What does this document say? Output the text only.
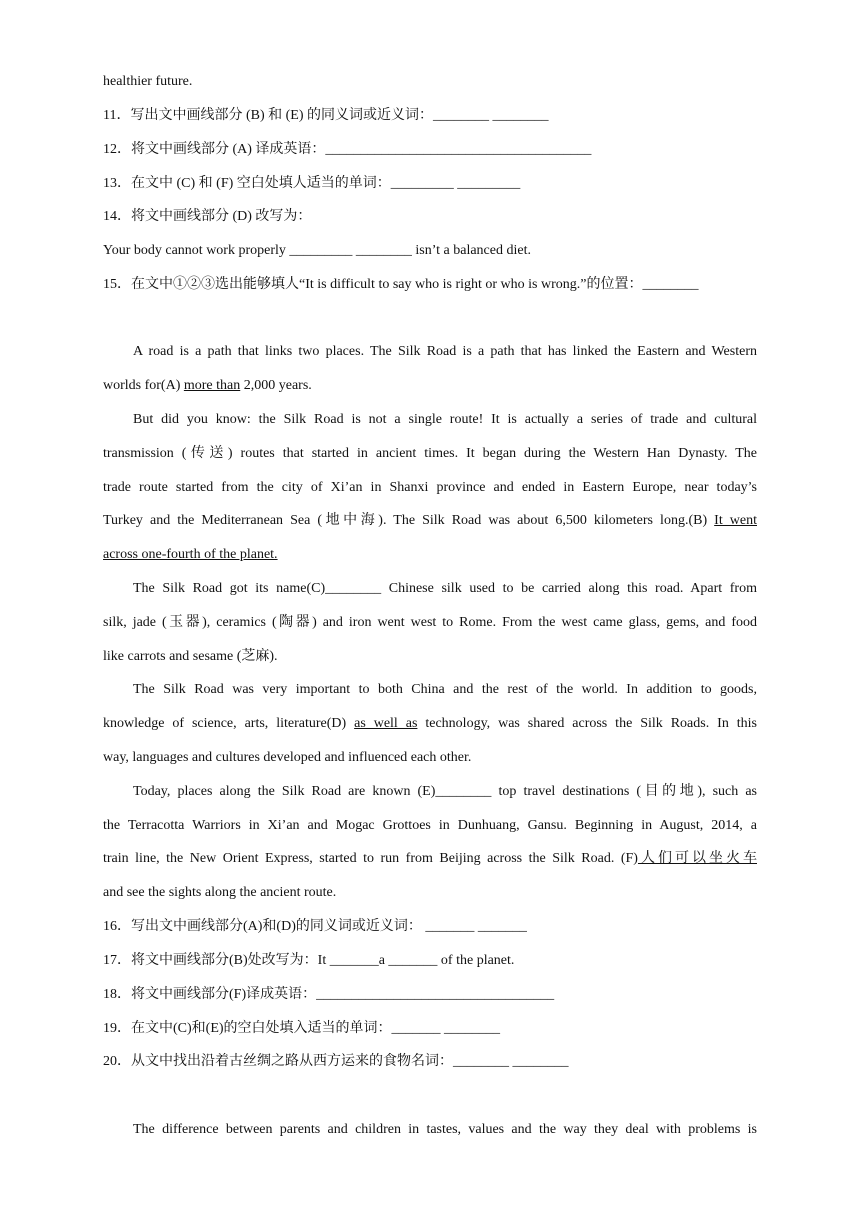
healthier future.
11．写出文中画线部分 (B) 和 (E) 的同义词或近义词：________ ________
12．将文中画线部分 (A) 译成英语：______________________________________
13．在文中 (C) 和 (F) 空白处填人适当的单词：_________ _________
14．将文中画线部分 (D) 改写为：
Your body cannot work properly _________ ________ isn’t a balanced diet.
15．在文中①②③选出能够填人“It is difficult to say who is right or who is wrong.”的位置：________
A road is a path that links two places. The Silk Road is a path that has linked the Eastern and Western
worlds for(A) more than 2,000 years.
But did you know: the Silk Road is not a single route! It is actually a series of trade and cultural
transmission (传送) routes that started in ancient times. It began during the Western Han Dynasty. The
trade route started from the city of Xi’an in Shanxi province and ended in Eastern Europe, near today’s
Turkey and the Mediterranean Sea (地中海). The Silk Road was about 6,500 kilometers long.(B) It went
across one-fourth of the planet.
The Silk Road got its name(C)________ Chinese silk used to be carried along this road. Apart from
silk, jade (玉器), ceramics (陶器) and iron went west to Rome. From the west came glass, gems, and food
like carrots and sesame (芝麻).
The Silk Road was very important to both China and the rest of the world. In addition to goods,
knowledge of science, arts, literature(D) as well as technology, was shared across the Silk Roads. In this
way, languages and cultures developed and influenced each other.
Today, places along the Silk Road are known (E)________ top travel destinations (目的地), such as
the Terracotta Warriors in Xi’an and Mogac Grottoes in Dunhuang, Gansu. Beginning in August, 2014, a
train line, the New Orient Express, started to run from Beijing across the Silk Road. (F)人们可以坐火车
and see the sights along the ancient route.
16．写出文中画线部分(A)和(D)的同义词或近义词： _______ _______
17．将文中画线部分(B)处改写为：It _______a _______ of the planet.
18．将文中画线部分(F)译成英语：__________________________________
19．在文中(C)和(E)的空白处填入适当的单词：_______ ________
20．从文中找出沿着古丝绸之路从西方运来的食物名词：________ ________
The difference between parents and children in tastes, values and the way they deal with problems is
